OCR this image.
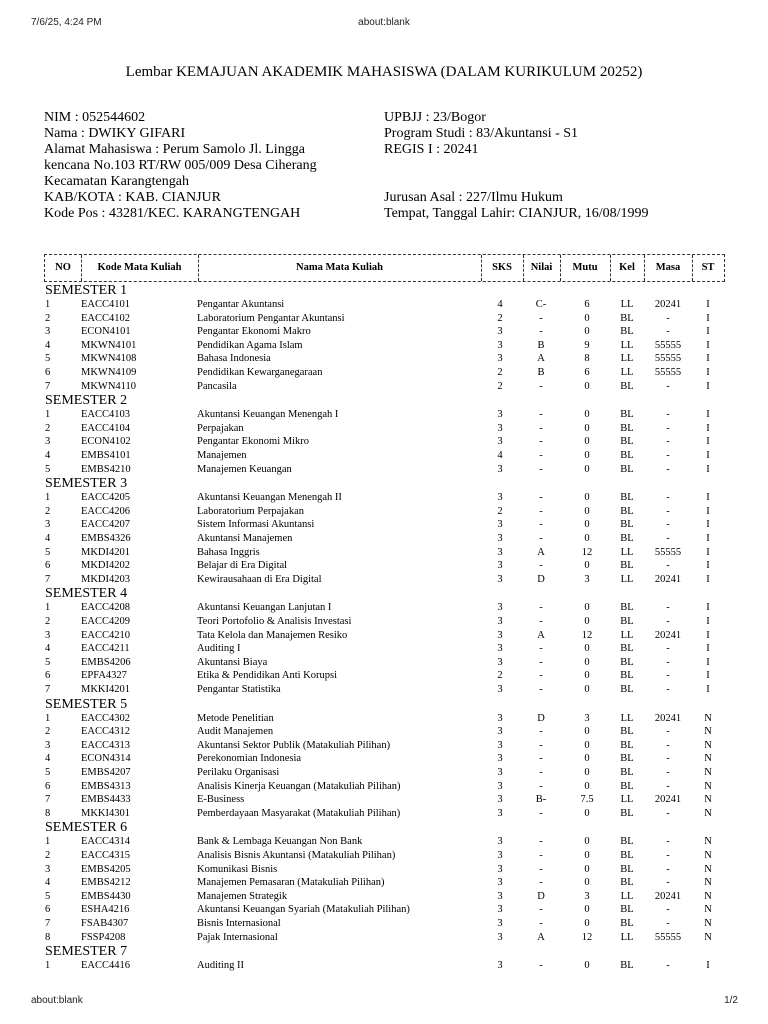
7/6/25, 4:24 PM	about:blank
Lembar KEMAJUAN AKADEMIK MAHASISWA (DALAM KURIKULUM 20252)
NIM : 052544602
Nama : DWIKY GIFARI
Alamat Mahasiswa : Perum Samolo Jl. Lingga
kencana No.103 RT/RW 005/009 Desa Ciherang
Kecamatan Karangtengah
KAB/KOTA : KAB. CIANJUR
Kode Pos : 43281/KEC. KARANGTENGAH
UPBJJ : 23/Bogor
Program Studi : 83/Akuntansi - S1
REGIS I : 20241
Jurusan Asal : 227/Ilmu Hukum
Tempat, Tanggal Lahir: CIANJUR, 16/08/1999
NO	Kode Mata Kuliah	Nama Mata Kuliah	SKS	Nilai	Mutu	Kel	Masa	ST
SEMESTER 1
1	EACC4101	Pengantar Akuntansi	4	C-	6	LL	20241	I
2	EACC4102	Laboratorium Pengantar Akuntansi	2	-	0	BL	-	I
3	ECON4101	Pengantar Ekonomi Makro	3	-	0	BL	-	I
4	MKWN4101	Pendidikan Agama Islam	3	B	9	LL	55555	I
5	MKWN4108	Bahasa Indonesia	3	A	8	LL	55555	I
6	MKWN4109	Pendidikan Kewarganegaraan	2	B	6	LL	55555	I
7	MKWN4110	Pancasila	2	-	0	BL	-	I
SEMESTER 2
1	EACC4103	Akuntansi Keuangan Menengah I	3	-	0	BL	-	I
2	EACC4104	Perpajakan	3	-	0	BL	-	I
3	ECON4102	Pengantar Ekonomi Mikro	3	-	0	BL	-	I
4	EMBS4101	Manajemen	4	-	0	BL	-	I
5	EMBS4210	Manajemen Keuangan	3	-	0	BL	-	I
SEMESTER 3
1	EACC4205	Akuntansi Keuangan Menengah II	3	-	0	BL	-	I
2	EACC4206	Laboratorium Perpajakan	2	-	0	BL	-	I
3	EACC4207	Sistem Informasi Akuntansi	3	-	0	BL	-	I
4	EMBS4326	Akuntansi Manajemen	3	-	0	BL	-	I
5	MKDI4201	Bahasa Inggris	3	A	12	LL	55555	I
6	MKDI4202	Belajar di Era Digital	3	-	0	BL	-	I
7	MKDI4203	Kewirausahaan di Era Digital	3	D	3	LL	20241	I
SEMESTER 4
1	EACC4208	Akuntansi Keuangan Lanjutan I	3	-	0	BL	-	I
2	EACC4209	Teori Portofolio & Analisis Investasi	3	-	0	BL	-	I
3	EACC4210	Tata Kelola dan Manajemen Resiko	3	A	12	LL	20241	I
4	EACC4211	Auditing I	3	-	0	BL	-	I
5	EMBS4206	Akuntansi Biaya	3	-	0	BL	-	I
6	EPFA4327	Etika & Pendidikan Anti Korupsi	2	-	0	BL	-	I
7	MKKI4201	Pengantar Statistika	3	-	0	BL	-	I
SEMESTER 5
1	EACC4302	Metode Penelitian	3	D	3	LL	20241	N
2	EACC4312	Audit Manajemen	3	-	0	BL	-	N
3	EACC4313	Akuntansi Sektor Publik (Matakuliah Pilihan)	3	-	0	BL	-	N
4	ECON4314	Perekonomian Indonesia	3	-	0	BL	-	N
5	EMBS4207	Perilaku Organisasi	3	-	0	BL	-	N
6	EMBS4313	Analisis Kinerja Keuangan (Matakuliah Pilihan)	3	-	0	BL	-	N
7	EMBS4433	E-Business	3	B-	7.5	LL	20241	N
8	MKKI4301	Pemberdayaan Masyarakat (Matakuliah Pilihan)	3	-	0	BL	-	N
SEMESTER 6
1	EACC4314	Bank & Lembaga Keuangan Non Bank	3	-	0	BL	-	N
2	EACC4315	Analisis Bisnis Akuntansi (Matakuliah Pilihan)	3	-	0	BL	-	N
3	EMBS4205	Komunikasi Bisnis	3	-	0	BL	-	N
4	EMBS4212	Manajemen Pemasaran (Matakuliah Pilihan)	3	-	0	BL	-	N
5	EMBS4430	Manajemen Strategik	3	D	3	LL	20241	N
6	ESHA4216	Akuntansi Keuangan Syariah (Matakuliah Pilihan)	3	-	0	BL	-	N
7	FSAB4307	Bisnis Internasional	3	-	0	BL	-	N
8	FSSP4208	Pajak Internasional	3	A	12	LL	55555	N
SEMESTER 7
1	EACC4416	Auditing II	3	-	0	BL	-	I
about:blank	1/2
